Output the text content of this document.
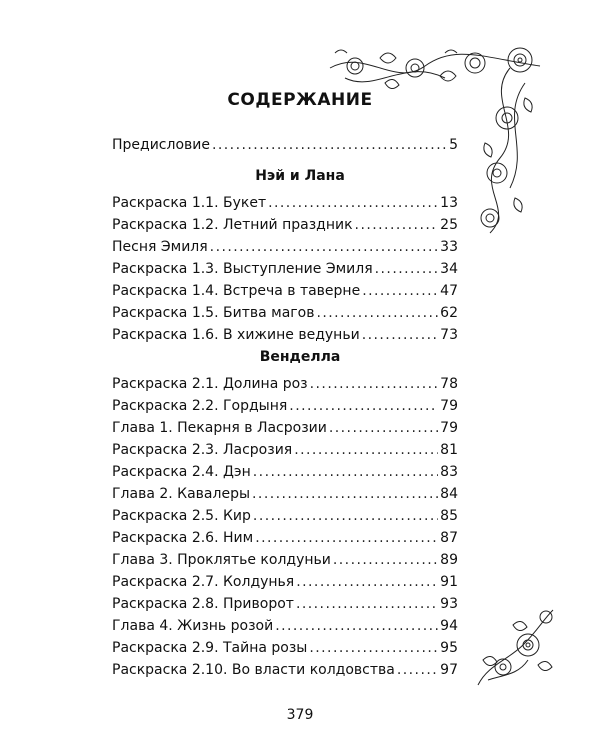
СОДЕРЖАНИЕ
Предисловие . . .	5
Нэй и Лана
Раскраска 1.1. Букет . . .	13
Раскраска 1.2. Летний праздник . . .	25
Песня Эмиля . . .	33
Раскраска 1.3. Выступление Эмиля . . .	34
Раскраска 1.4. Встреча в таверне . . .	47
Раскраска 1.5. Битва магов . . .	62
Раскраска 1.6. В хижине ведуньи . . .	73
Венделла
Раскраска 2.1. Долина роз . . .	78
Раскраска 2.2. Гордыня . . .	79
Глава 1. Пекарня в Ласрозии . . .	79
Раскраска 2.3. Ласрозия . . .	81
Раскраска 2.4. Дэн . . .	83
Глава 2. Кавалеры . . .	84
Раскраска 2.5. Кир . . .	85
Раскраска 2.6. Ним . . .	87
Глава 3. Проклятье колдуньи . . .	89
Раскраска 2.7. Колдунья . . .	91
Раскраска 2.8. Приворот . . .	93
Глава 4. Жизнь розой . . .	94
Раскраска 2.9. Тайна розы . . .	95
Раскраска 2.10. Во власти колдовства . . .	97
379
